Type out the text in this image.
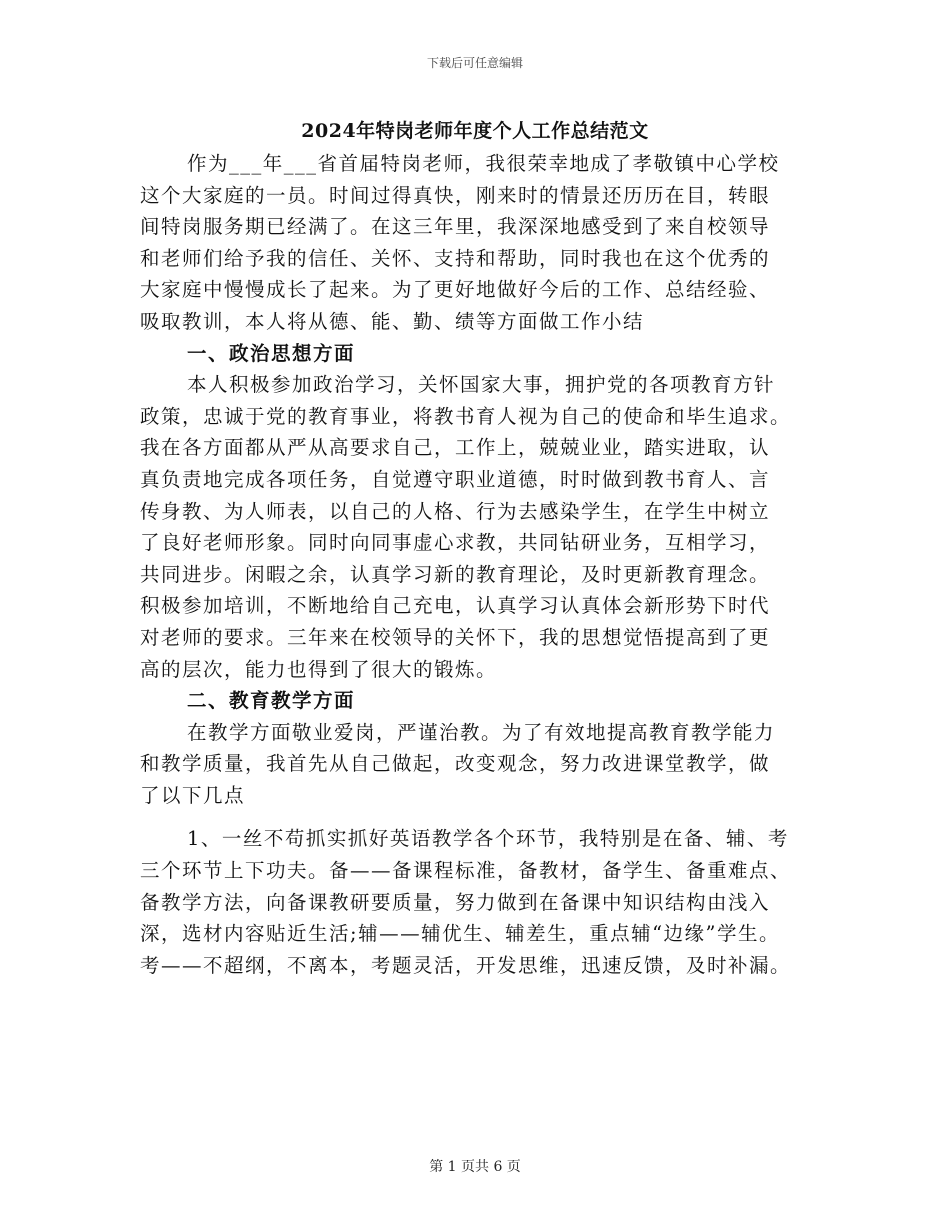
下载后可任意编辑
2024年特岗老师年度个人工作总结范文
作为___年___省首届特岗老师，我很荣幸地成了孝敬镇中心学校
这个大家庭的一员。时间过得真快，刚来时的情景还历历在目，转眼
间特岗服务期已经满了。在这三年里，我深深地感受到了来自校领导
和老师们给予我的信任、关怀、支持和帮助，同时我也在这个优秀的
大家庭中慢慢成长了起来。为了更好地做好今后的工作、总结经验、
吸取教训，本人将从德、能、勤、绩等方面做工作小结
一、政治思想方面
本人积极参加政治学习，关怀国家大事，拥护党的各项教育方针
政策，忠诚于党的教育事业，将教书育人视为自己的使命和毕生追求。
我在各方面都从严从高要求自己，工作上，兢兢业业，踏实进取，认
真负责地完成各项任务，自觉遵守职业道德，时时做到教书育人、言
传身教、为人师表，以自己的人格、行为去感染学生，在学生中树立
了良好老师形象。同时向同事虚心求教，共同钻研业务，互相学习，
共同进步。闲暇之余，认真学习新的教育理论，及时更新教育理念。
积极参加培训，不断地给自己充电，认真学习认真体会新形势下时代
对老师的要求。三年来在校领导的关怀下，我的思想觉悟提高到了更
高的层次，能力也得到了很大的锻炼。
二、教育教学方面
在教学方面敬业爱岗，严谨治教。为了有效地提高教育教学能力
和教学质量，我首先从自己做起，改变观念，努力改进课堂教学，做
了以下几点
1、一丝不苟抓实抓好英语教学各个环节，我特别是在备、辅、考
三个环节上下功夫。备——备课程标准，备教材，备学生、备重难点、
备教学方法，向备课教研要质量，努力做到在备课中知识结构由浅入
深，选材内容贴近生活;辅——辅优生、辅差生，重点辅“边缘”学生。
考——不超纲，不离本，考题灵活，开发思维，迅速反馈，及时补漏。
第 1 页共 6 页
